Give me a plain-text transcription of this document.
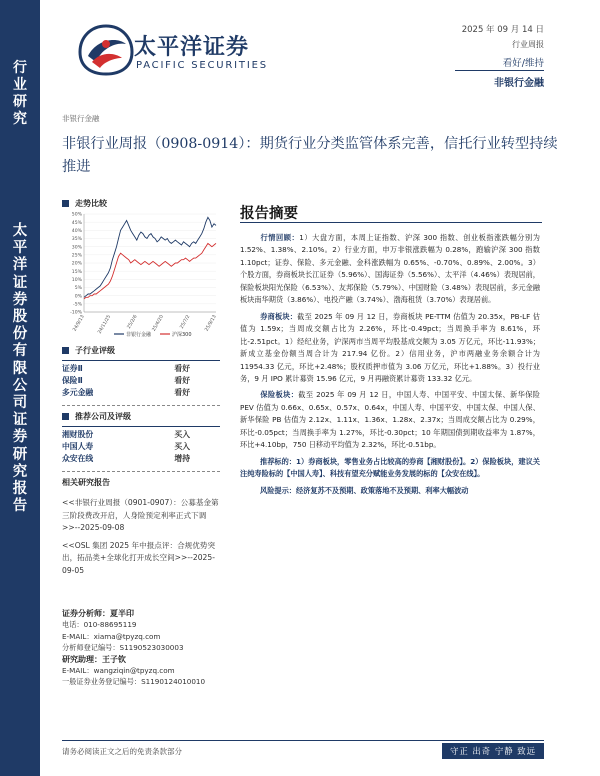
行
业
研
究
太
平
洋
证
券
股
份
有
限
公
司
证
券
研
究
报
告
太平洋证券
PACIFIC SECURITIES
2025 年 09 月 14 日
行业周报
看好/维持
非银行金融
非银行金融
非银行业周报（0908-0914）：期货行业分类监管体系完善，信托行业转型持续推进
走势比较
50%
45%
40%
35%
30%
25%
20%
15%
10%
5%
0%
-5%
-10%
24/9/13	24/11/25	25/2/6	25/4/20	25/7/2	25/9/13
非银行金融	沪深300
子行业评级
证券Ⅱ	看好
保险Ⅱ	看好
多元金融	看好
推荐公司及评级
湘财股份	买入
中国人寿	买入
众安在线	增持
相关研究报告

<<非银行业周报（0901-0907）：公募基金第三阶段费改开启，人身险预定利率正式下调>>--2025-09-08

<<OSL 集团 2025 年中报点评：合规优势突出，拓品类+全球化打开成长空间>>--2025-09-05

证券分析师：夏半印
电话：010-88695119
E-MAIL：xiama@tpyzq.com
分析师登记编号：S1190523030003
研究助理：王子钦
E-MAIL：wangziqin@tpyzq.com
一般证券业务登记编号：S1190124010010
报告摘要

行情回顾：1）大盘方面，本周上证指数、沪深 300 指数、创业板指涨跌幅分别为 1.52%、1.38%、2.10%。2）行业方面，申万非银涨跌幅为 0.28%，跑输沪深 300 指数 1.10pct；证券、保险、多元金融、金科涨跌幅为 0.65%、-0.70%、0.89%、2.00%。3）个股方面，券商板块长江证券（5.96%）、国海证券（5.56%）、太平洋（4.46%）表现居前，保险板块阳光保险（6.53%）、友邦保险（5.79%）、中国财险（3.48%）表现居前，多元金融板块南华期货（3.86%）、电投产融（3.74%）、渤海租赁（3.70%）表现居前。

券商板块：截至 2025 年 09 月 12 日，券商板块 PE-TTM 估值为 20.35x，PB-LF 估值为 1.59x；当周成交额占比为 2.26%，环比-0.49pct；当周换手率为 8.61%，环比-2.51pct。1）经纪业务，沪深两市当周平均股基成交额为 3.05 万亿元，环比-11.93%；新成立基金份额当周合计为 217.94 亿份。2）信用业务，沪市两融业务余额合计为 11954.33 亿元，环比+2.48%；股权质押市值为 3.06 万亿元，环比+1.88%。3）投行业务，9 月 IPO 累计募资 15.96 亿元，9 月再融资累计募资 133.32 亿元。

保险板块：截至 2025 年 09 月 12 日，中国人寿、中国平安、中国太保、新华保险 PEV 估值为 0.66x、0.65x、0.57x、0.64x，中国人寿、中国平安、中国太保、中国人保、新华保险 PB 估值为 2.12x、1.11x、1.36x、1.28x、2.37x；当周成交额占比为 0.29%，环比-0.05pct；当周换手率为 1.27%，环比-0.30pct；10 年期国债到期收益率为 1.87%，环比+4.10bp，750 日移动平均值为 2.32%，环比-0.51bp。

推荐标的：1）券商板块，零售业务占比较高的券商【湘财股份】。2）保险板块，建议关注纯寿险标的【中国人寿】、科技有望充分赋能业务发展的标的【众安在线】。

风险提示：经济复苏不及预期、政策落地不及预期、利率大幅波动

请务必阅读正文之后的免责条款部分	守正 出奇 宁静 致远
